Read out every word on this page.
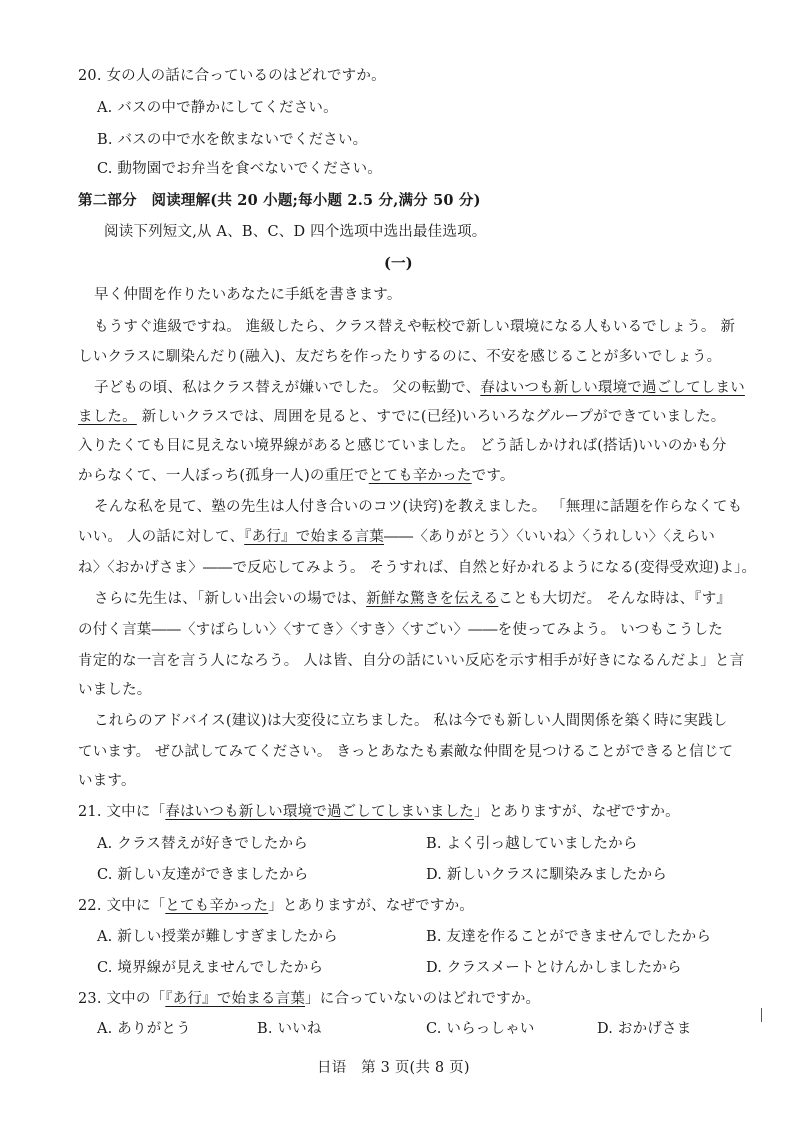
20. 女の人の話に合っているのはどれですか。
A. バスの中で静かにしてください。
B. バスの中で水を飲まないでください。
C. 動物園でお弁当を食べないでください。
第二部分　阅读理解(共 20 小题;每小题 2.5 分,满分 50 分)
阅读下列短文,从 A、B、C、D 四个选项中选出最佳选项。
(一)
早く仲間を作りたいあなたに手紙を書きます。
もうすぐ進級ですね。 進級したら、クラス替えや転校で新しい環境になる人もいるでしょう。 新
しいクラスに馴染んだり(融入)、友だちを作ったりするのに、不安を感じることが多いでしょう。
子どもの頃、私はクラス替えが嫌いでした。 父の転勤で、春はいつも新しい環境で過ごしてしまい
ました。 新しいクラスでは、周囲を見ると、すでに(已经)いろいろなグループができていました。
入りたくても目に見えない境界線があると感じていました。 どう話しかければ(搭话)いいのかも分
からなくて、一人ぼっち(孤身一人)の重圧でとても辛かったです。
そんな私を見て、塾の先生は人付き合いのコツ(诀窍)を教えました。 「無理に話題を作らなくても
いい。 人の話に対して、『あ行』で始まる言葉――〈ありがとう〉〈いいね〉〈うれしい〉〈えらい
ね〉〈おかげさま〉――で反応してみよう。 そうすれば、自然と好かれるようになる(変得受欢迎)よ」。
さらに先生は、「新しい出会いの場では、新鮮な驚きを伝えることも大切だ。 そんな時は、『す』
の付く言葉――〈すばらしい〉〈すてき〉〈すき〉〈すごい〉――を使ってみよう。 いつもこうした
肯定的な一言を言う人になろう。 人は皆、自分の話にいい反応を示す相手が好きになるんだよ」と言
いました。
これらのアドバイス(建议)は大変役に立ちました。 私は今でも新しい人間関係を築く時に実践し
ています。 ぜひ試してみてください。 きっとあなたも素敵な仲間を見つけることができると信じて
います。
21. 文中に「春はいつも新しい環境で過ごしてしまいました」とありますが、なぜですか。
A. クラス替えが好きでしたから	B. よく引っ越していましたから
C. 新しい友達ができましたから	D. 新しいクラスに馴染みましたから
22. 文中に「とても辛かった」とありますが、なぜですか。
A. 新しい授業が難しすぎましたから	B. 友達を作ることができませんでしたから
C. 境界線が見えませんでしたから	D. クラスメートとけんかしましたから
23. 文中の「『あ行』で始まる言葉」に合っていないのはどれですか。
A. ありがとう	B. いいね	C. いらっしゃい	D. おかげさま
日语　第 3 页(共 8 页)
